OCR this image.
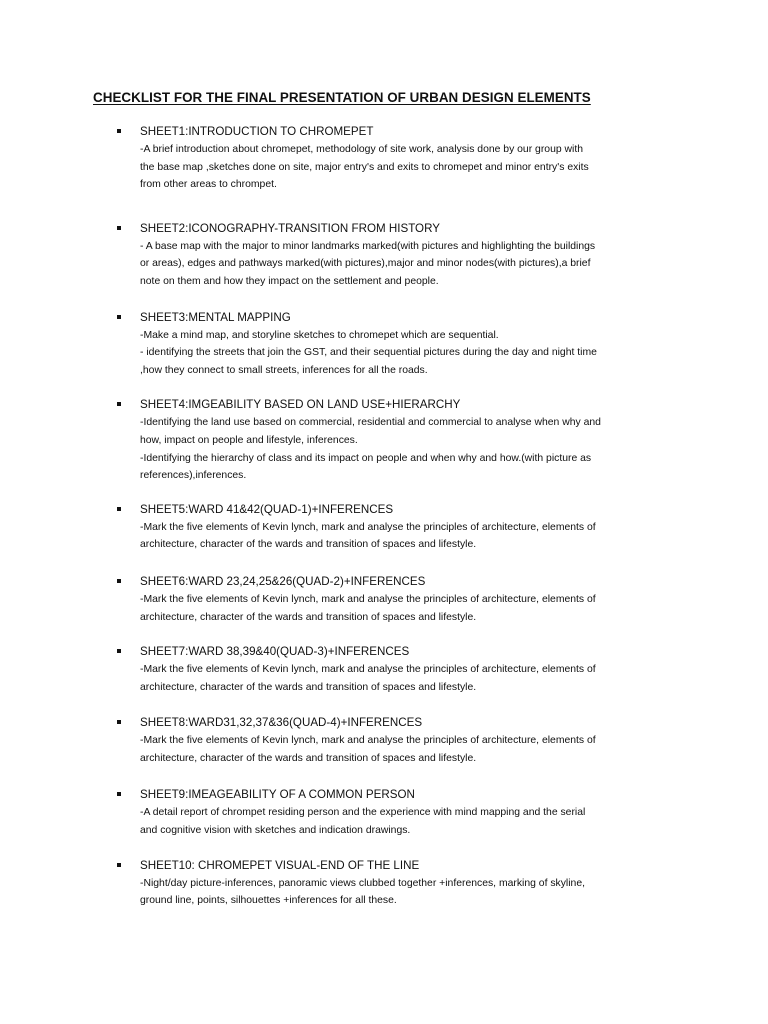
CHECKLIST FOR THE FINAL PRESENTATION OF URBAN DESIGN ELEMENTS
SHEET1:INTRODUCTION TO CHROMEPET

-A brief introduction about chromepet, methodology of site work, analysis done by our group with
the base map ,sketches done on site, major entry's and exits to chromepet and minor entry's exits
from other areas to chrompet.

SHEET2:ICONOGRAPHY-TRANSITION FROM HISTORY

- A base map with the major to minor landmarks marked(with pictures and highlighting the buildings
or areas), edges and pathways marked(with pictures),major and minor nodes(with pictures),a brief
note on them and how they impact on the settlement and people.

SHEET3:MENTAL MAPPING

-Make a mind map, and storyline sketches to chromepet which are sequential.
- identifying the streets that join the GST, and their sequential pictures during the day and night time
,how they connect to small streets, inferences for all the roads.

SHEET4:IMGEABILITY BASED ON LAND USE+HIERARCHY

-Identifying the land use based on commercial, residential and commercial to analyse when why and
how, impact on people and lifestyle, inferences.
-Identifying the hierarchy of class and its impact on people and when why and how.(with picture as
references),inferences.

SHEET5:WARD 41&42(QUAD-1)+INFERENCES

-Mark the five elements of Kevin lynch, mark and analyse the principles of architecture, elements of
architecture, character of the wards and transition of spaces and lifestyle.

SHEET6:WARD 23,24,25&26(QUAD-2)+INFERENCES

-Mark the five elements of Kevin lynch, mark and analyse the principles of architecture, elements of
architecture, character of the wards and transition of spaces and lifestyle.

SHEET7:WARD 38,39&40(QUAD-3)+INFERENCES

-Mark the five elements of Kevin lynch, mark and analyse the principles of architecture, elements of
architecture, character of the wards and transition of spaces and lifestyle.

SHEET8:WARD31,32,37&36(QUAD-4)+INFERENCES

-Mark the five elements of Kevin lynch, mark and analyse the principles of architecture, elements of
architecture, character of the wards and transition of spaces and lifestyle.

SHEET9:IMEAGEABILITY OF A COMMON PERSON

-A detail report of chrompet residing person and the experience with mind mapping and the serial
and cognitive vision with sketches and indication drawings.

SHEET10: CHROMEPET VISUAL-END OF THE LINE

-Night/day picture-inferences, panoramic views clubbed together +inferences, marking of skyline,
ground line, points, silhouettes +inferences for all these.
